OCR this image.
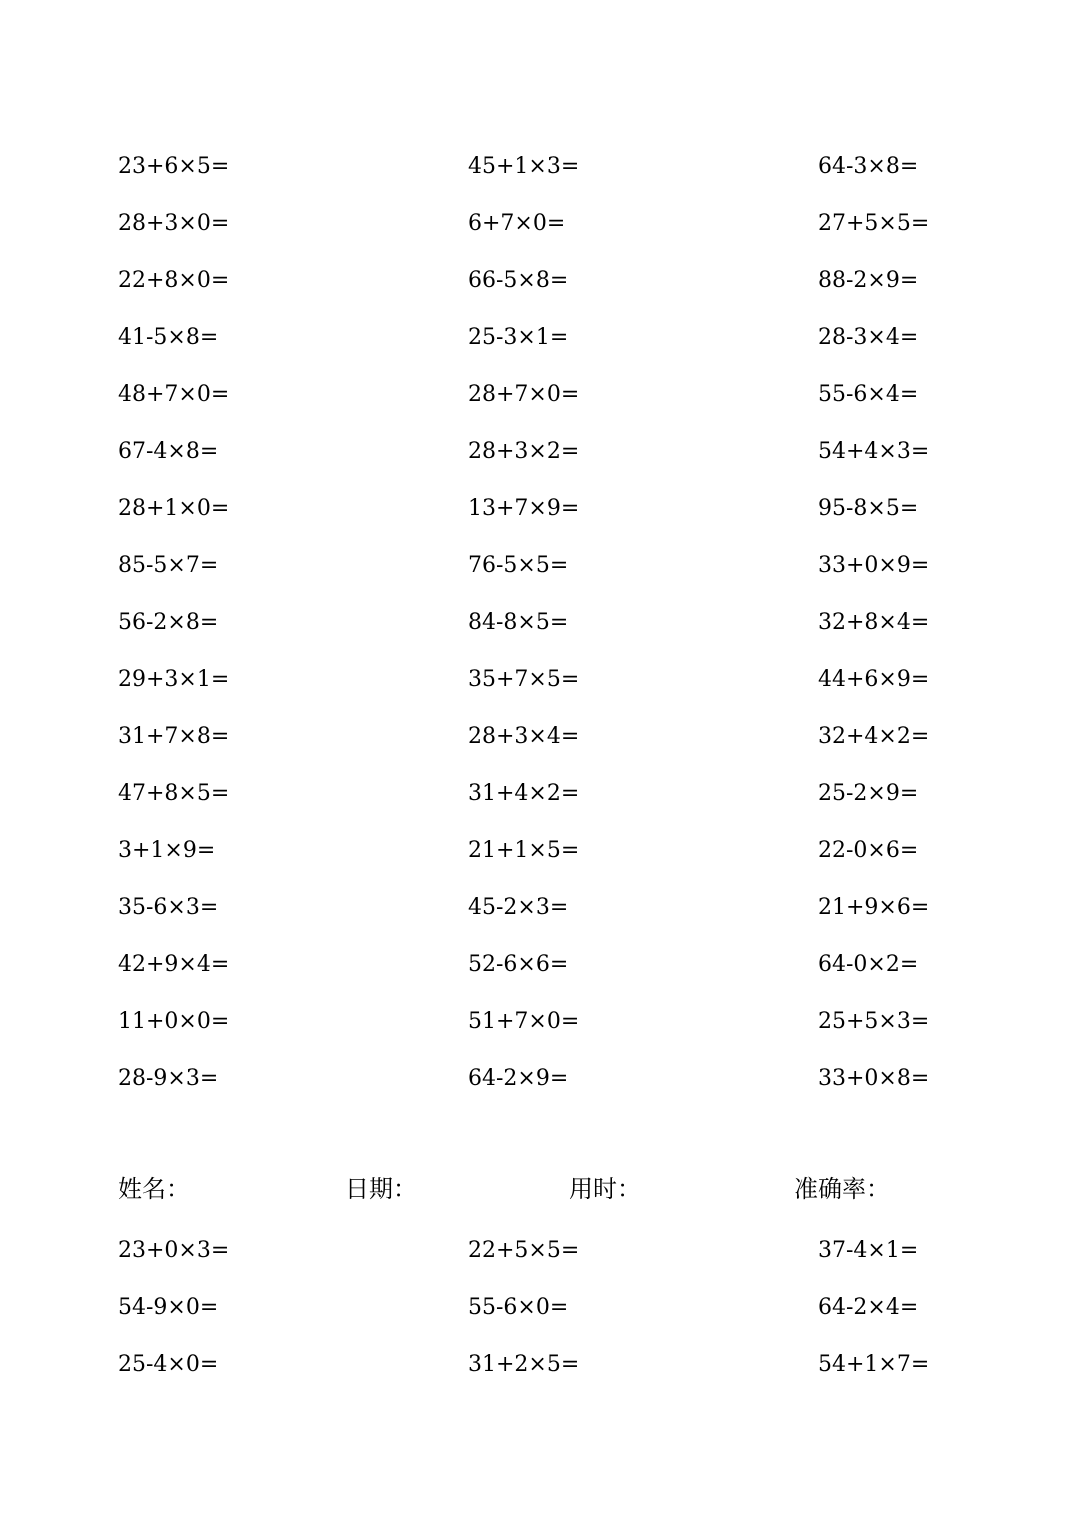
23+6×5=	45+1×3=	64-3×8=
28+3×0=	6+7×0=	27+5×5=
22+8×0=	66-5×8=	88-2×9=
41-5×8=	25-3×1=	28-3×4=
48+7×0=	28+7×0=	55-6×4=
67-4×8=	28+3×2=	54+4×3=
28+1×0=	13+7×9=	95-8×5=
85-5×7=	76-5×5=	33+0×9=
56-2×8=	84-8×5=	32+8×4=
29+3×1=	35+7×5=	44+6×9=
31+7×8=	28+3×4=	32+4×2=
47+8×5=	31+4×2=	25-2×9=
3+1×9=	21+1×5=	22-0×6=
35-6×3=	45-2×3=	21+9×6=
42+9×4=	52-6×6=	64-0×2=
11+0×0=	51+7×0=	25+5×3=
28-9×3=	64-2×9=	33+0×8=
姓名：	日期：	用时：	准确率：
23+0×3=	22+5×5=	37-4×1=
54-9×0=	55-6×0=	64-2×4=
25-4×0=	31+2×5=	54+1×7=
